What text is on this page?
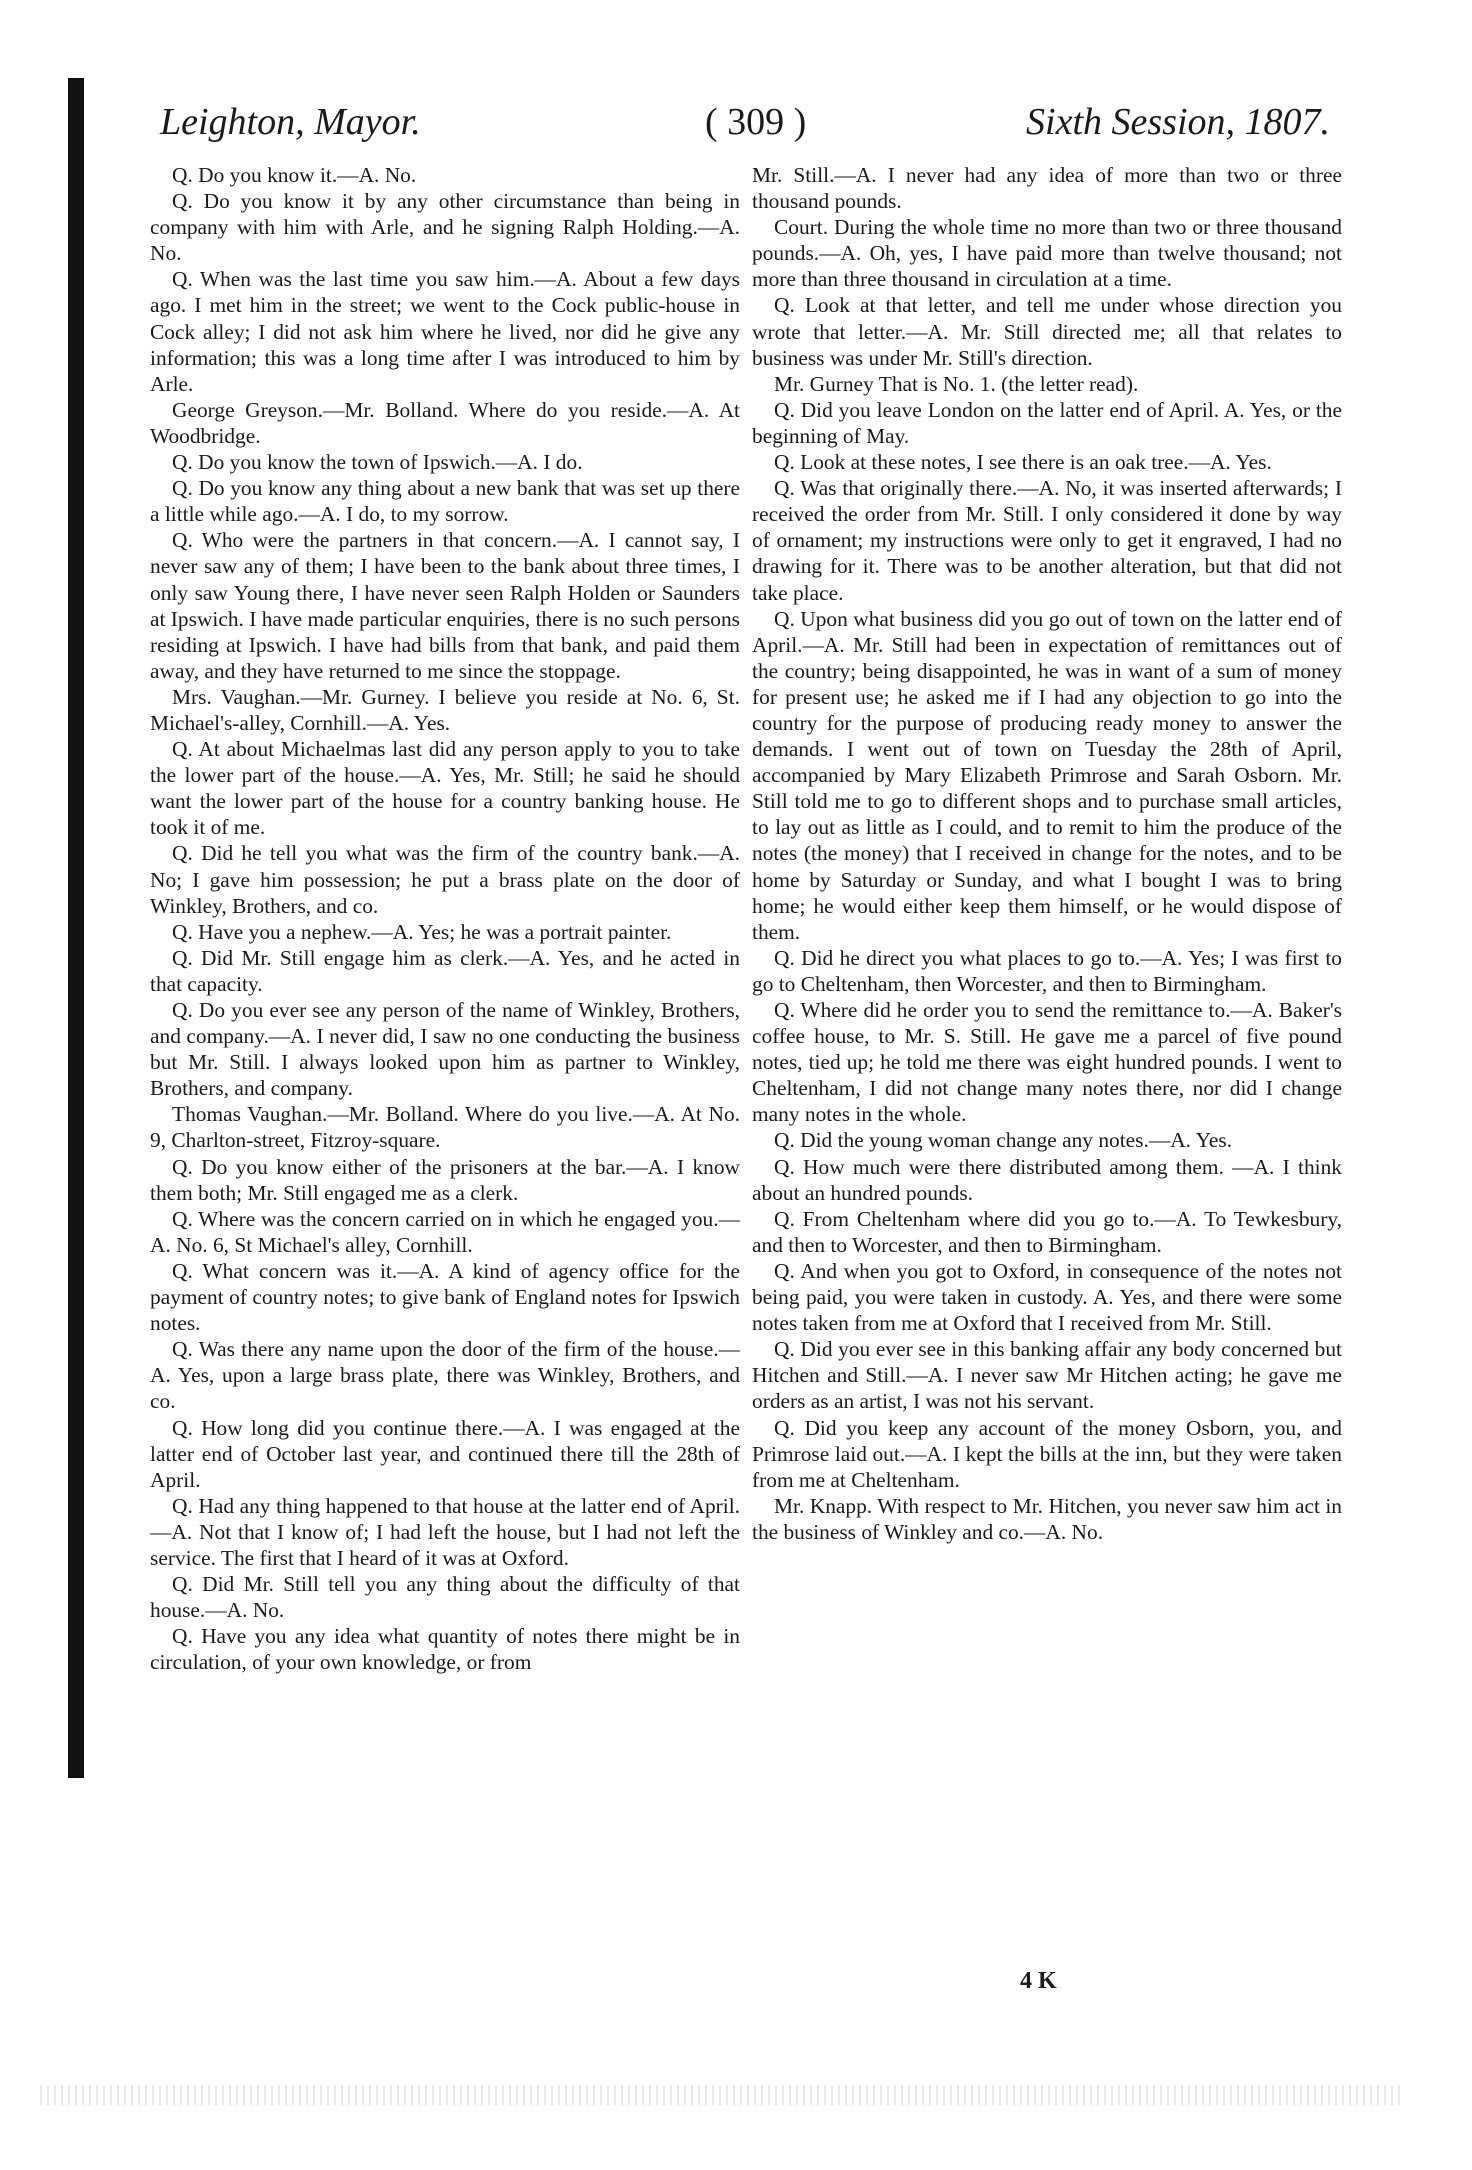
Leighton, Mayor.	( 309 )	Sixth Session, 1807.

Q. Do you know it.—A. No.

Q. Do you know it by any other circumstance than being in company with him with Arle, and he signing Ralph Holding.—A. No.

Q. When was the last time you saw him.—A. About a few days ago. I met him in the street; we went to the Cock public-house in Cock alley; I did not ask him where he lived, nor did he give any information; this was a long time after I was introduced to him by Arle.

George Greyson.—Mr. Bolland. Where do you reside.—A. At Woodbridge.

Q. Do you know the town of Ipswich.—A. I do.

Q. Do you know any thing about a new bank that was set up there a little while ago.—A. I do, to my sorrow.

Q. Who were the partners in that concern.—A. I cannot say, I never saw any of them; I have been to the bank about three times, I only saw Young there, I have never seen Ralph Holden or Saunders at Ipswich. I have made particular enquiries, there is no such persons residing at Ipswich. I have had bills from that bank, and paid them away, and they have returned to me since the stoppage.

Mrs. Vaughan.—Mr. Gurney. I believe you reside at No. 6, St. Michael's-alley, Cornhill.—A. Yes.

Q. At about Michaelmas last did any person apply to you to take the lower part of the house.—A. Yes, Mr. Still; he said he should want the lower part of the house for a country banking house. He took it of me.

Q. Did he tell you what was the firm of the country bank.—A. No; I gave him possession; he put a brass plate on the door of Winkley, Brothers, and co.

Q. Have you a nephew.—A. Yes; he was a portrait painter.

Q. Did Mr. Still engage him as clerk.—A. Yes, and he acted in that capacity.

Q. Do you ever see any person of the name of Winkley, Brothers, and company.—A. I never did, I saw no one conducting the business but Mr. Still. I always looked upon him as partner to Winkley, Brothers, and company.

Thomas Vaughan.—Mr. Bolland. Where do you live.—A. At No. 9, Charlton-street, Fitzroy-square.

Q. Do you know either of the prisoners at the bar.—A. I know them both; Mr. Still engaged me as a clerk.

Q. Where was the concern carried on in which he engaged you.—A. No. 6, St Michael's alley, Cornhill.

Q. What concern was it.—A. A kind of agency office for the payment of country notes; to give bank of England notes for Ipswich notes.

Q. Was there any name upon the door of the firm of the house.—A. Yes, upon a large brass plate, there was Winkley, Brothers, and co.

Q. How long did you continue there.—A. I was engaged at the latter end of October last year, and continued there till the 28th of April.

Q. Had any thing happened to that house at the latter end of April.—A. Not that I know of; I had left the house, but I had not left the service. The first that I heard of it was at Oxford.

Q. Did Mr. Still tell you any thing about the difficulty of that house.—A. No.

Q. Have you any idea what quantity of notes there might be in circulation, of your own knowledge, or from

Mr. Still.—A. I never had any idea of more than two or three thousand pounds.

Court. During the whole time no more than two or three thousand pounds.—A. Oh, yes, I have paid more than twelve thousand; not more than three thousand in circulation at a time.

Q. Look at that letter, and tell me under whose direction you wrote that letter.—A. Mr. Still directed me; all that relates to business was under Mr. Still's direction.

Mr. Gurney That is No. 1. (the letter read).

Q. Did you leave London on the latter end of April. A. Yes, or the beginning of May.

Q. Look at these notes, I see there is an oak tree.—A. Yes.

Q. Was that originally there.—A. No, it was inserted afterwards; I received the order from Mr. Still. I only considered it done by way of ornament; my instructions were only to get it engraved, I had no drawing for it. There was to be another alteration, but that did not take place.

Q. Upon what business did you go out of town on the latter end of April.—A. Mr. Still had been in expectation of remittances out of the country; being disappointed, he was in want of a sum of money for present use; he asked me if I had any objection to go into the country for the purpose of producing ready money to answer the demands. I went out of town on Tuesday the 28th of April, accompanied by Mary Elizabeth Primrose and Sarah Osborn. Mr. Still told me to go to different shops and to purchase small articles, to lay out as little as I could, and to remit to him the produce of the notes (the money) that I received in change for the notes, and to be home by Saturday or Sunday, and what I bought I was to bring home; he would either keep them himself, or he would dispose of them.

Q. Did he direct you what places to go to.—A. Yes; I was first to go to Cheltenham, then Worcester, and then to Birmingham.

Q. Where did he order you to send the remittance to.—A. Baker's coffee house, to Mr. S. Still. He gave me a parcel of five pound notes, tied up; he told me there was eight hundred pounds. I went to Cheltenham, I did not change many notes there, nor did I change many notes in the whole.

Q. Did the young woman change any notes.—A. Yes.

Q. How much were there distributed among them. —A. I think about an hundred pounds.

Q. From Cheltenham where did you go to.—A. To Tewkesbury, and then to Worcester, and then to Birmingham.

Q. And when you got to Oxford, in consequence of the notes not being paid, you were taken in custody. A. Yes, and there were some notes taken from me at Oxford that I received from Mr. Still.

Q. Did you ever see in this banking affair any body concerned but Hitchen and Still.—A. I never saw Mr Hitchen acting; he gave me orders as an artist, I was not his servant.

Q. Did you keep any account of the money Osborn, you, and Primrose laid out.—A. I kept the bills at the inn, but they were taken from me at Cheltenham.

Mr. Knapp. With respect to Mr. Hitchen, you never saw him act in the business of Winkley and co.—A. No.

4 K
